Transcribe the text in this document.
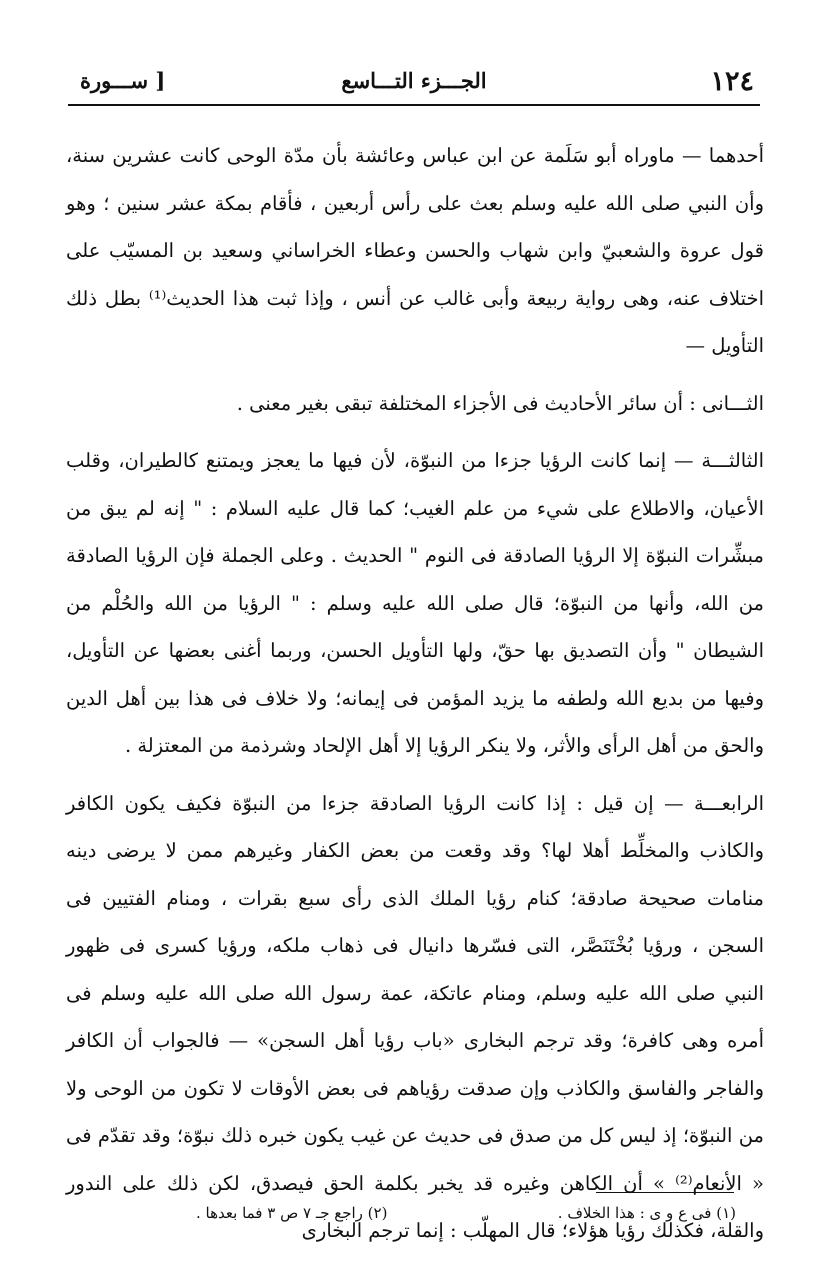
١٢٤
الجـــزء التـــاسع
[ ســـورة

أحدهما — ماوراه أبو سَلَمة عن ابن عباس وعائشة بأن مدّة الوحى كانت عشرين سنة، وأن النبي صلى الله عليه وسلم بعث على رأس أربعين ، فأقام بمكة عشر سنين ؛ وهو قول عروة والشعبيّ وابن شهاب والحسن وعطاء الخراساني وسعيد بن المسيّب على اختلاف عنه، وهى رواية ربيعة وأبى غالب عن أنس ، وإذا ثبت هذا الحديث⁽¹⁾ بطل ذلك التأويل —

الثـــانى : أن سائر الأحاديث فى الأجزاء المختلفة تبقى بغير معنى .

الثالثـــة — إنما كانت الرؤيا جزءا من النبوّة، لأن فيها ما يعجز ويمتنع كالطيران، وقلب الأعيان، والاطلاع على شيء من علم الغيب؛ كما قال عليه السلام : " إنه لم يبق من مبشِّرات النبوّة إلا الرؤيا الصادقة فى النوم " الحديث . وعلى الجملة فإن الرؤيا الصادقة من الله، وأنها من النبوّة؛ قال صلى الله عليه وسلم : " الرؤيا من الله والحُلْم من الشيطان " وأن التصديق بها حقّ، ولها التأويل الحسن، وربما أغنى بعضها عن التأويل، وفيها من بديع الله ولطفه ما يزيد المؤمن فى إيمانه؛ ولا خلاف فى هذا بين أهل الدين والحق من أهل الرأى والأثر، ولا ينكر الرؤيا إلا أهل الإلحاد وشرذمة من المعتزلة .

الرابعـــة — إن قيل : إذا كانت الرؤيا الصادقة جزءا من النبوّة فكيف يكون الكافر والكاذب والمخلِّط أهلا لها؟ وقد وقعت من بعض الكفار وغيرهم ممن لا يرضى دينه منامات صحيحة صادقة؛ كنام رؤيا الملك الذى رأى سبع بقرات ، ومنام الفتيين فى السجن ، ورؤيا بُخْتَنَصَّر، التى فسّرها دانيال فى ذهاب ملكه، ورؤيا كسرى فى ظهور النبي صلى الله عليه وسلم، ومنام عاتكة، عمة رسول الله صلى الله عليه وسلم فى أمره وهى كافرة؛ وقد ترجم البخارى «باب رؤيا أهل السجن» — فالجواب أن الكافر والفاجر والفاسق والكاذب وإن صدقت رؤياهم فى بعض الأوقات لا تكون من الوحى ولا من النبوّة؛ إذ ليس كل من صدق فى حديث عن غيب يكون خبره ذلك نبوّة؛ وقد تقدّم فى « الأنعام⁽²⁾ » أن الكاهن وغيره قد يخبر بكلمة الحق فيصدق، لكن ذلك على الندور والقلة، فكذلك رؤيا هؤلاء؛ قال المهلّب : إنما ترجم البخارى

(١) فى ع و ى : هذا الخلاف .
(٢) راجع جـ ٧ ص ٣ فما بعدها .
